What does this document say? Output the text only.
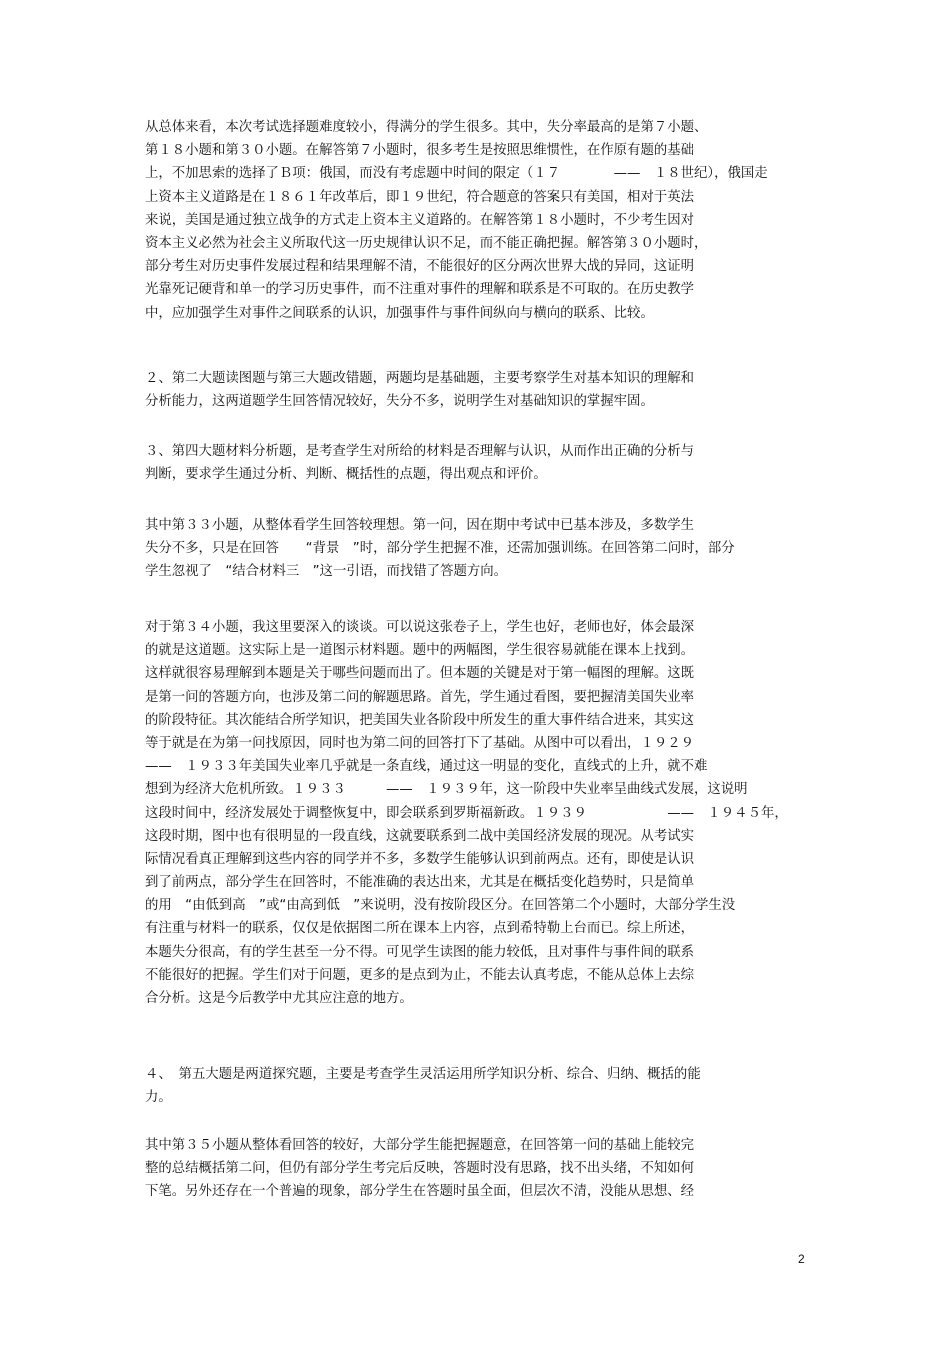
从总体来看，本次考试选择题难度较小，得满分的学生很多。其中，失分率最高的是第７小题、
第１８小题和第３０小题。在解答第７小题时，很多考生是按照思维惯性，在作原有题的基础
上，不加思索的选择了Ｂ项：俄国，而没有考虑题中时间的限定（１７　　　　——　１８世纪），俄国走
上资本主义道路是在１８６１年改革后，即１９世纪，符合题意的答案只有美国，相对于英法
来说，美国是通过独立战争的方式走上资本主义道路的。在解答第１８小题时，不少考生因对
资本主义必然为社会主义所取代这一历史规律认识不足，而不能正确把握。解答第３０小题时，
部分考生对历史事件发展过程和结果理解不清，不能很好的区分两次世界大战的异同，这证明
光靠死记硬背和单一的学习历史事件，而不注重对事件的理解和联系是不可取的。在历史教学
中，应加强学生对事件之间联系的认识，加强事件与事件间纵向与横向的联系、比较。
２、第二大题读图题与第三大题改错题，两题均是基础题，主要考察学生对基本知识的理解和
分析能力，这两道题学生回答情况较好，失分不多，说明学生对基础知识的掌握牢固。
３、第四大题材料分析题，是考查学生对所给的材料是否理解与认识，从而作出正确的分析与
判断，要求学生通过分析、判断、概括性的点题，得出观点和评价。
其中第３３小题，从整体看学生回答较理想。第一问，因在期中考试中已基本涉及，多数学生
失分不多，只是在回答　　“背景　”时，部分学生把握不准，还需加强训练。在回答第二问时，部分
学生忽视了　“结合材料三　”这一引语，而找错了答题方向。
对于第３４小题，我这里要深入的谈谈。可以说这张卷子上，学生也好，老师也好，体会最深
的就是这道题。这实际上是一道图示材料题。题中的两幅图，学生很容易就能在课本上找到。
这样就很容易理解到本题是关于哪些问题而出了。但本题的关键是对于第一幅图的理解。这既
是第一问的答题方向，也涉及第二问的解题思路。首先，学生通过看图，要把握清美国失业率
的阶段特征。其次能结合所学知识，把美国失业各阶段中所发生的重大事件结合进来，其实这
等于就是在为第一问找原因，同时也为第二问的回答打下了基础。从图中可以看出，１９２９
——　１９３３年美国失业率几乎就是一条直线，通过这一明显的变化，直线式的上升，就不难
想到为经济大危机所致。１９３３　　　——　１９３９年，这一阶段中失业率呈曲线式发展，这说明
这段时间中，经济发展处于调整恢复中，即会联系到罗斯福新政。１９３９　　　　　　——　１９４５年，
这段时期，图中也有很明显的一段直线，这就要联系到二战中美国经济发展的现况。从考试实
际情况看真正理解到这些内容的同学并不多，多数学生能够认识到前两点。还有，即使是认识
到了前两点，部分学生在回答时，不能准确的表达出来，尤其是在概括变化趋势时，只是简单
的用　“由低到高　”或“由高到低　”来说明，没有按阶段区分。在回答第二个小题时，大部分学生没
有注重与材料一的联系，仅仅是依据图二所在课本上内容，点到希特勒上台而已。综上所述，
本题失分很高，有的学生甚至一分不得。可见学生读图的能力较低，且对事件与事件间的联系
不能很好的把握。学生们对于问题，更多的是点到为止，不能去认真考虑，不能从总体上去综
合分析。这是今后教学中尤其应注意的地方。
４、　第五大题是两道探究题，主要是考查学生灵活运用所学知识分析、综合、归纳、概括的能
力。
其中第３５小题从整体看回答的较好，大部分学生能把握题意，在回答第一问的基础上能较完
整的总结概括第二问，但仍有部分学生考完后反映，答题时没有思路，找不出头绪，不知如何
下笔。另外还存在一个普遍的现象，部分学生在答题时虽全面，但层次不清，没能从思想、经
2
